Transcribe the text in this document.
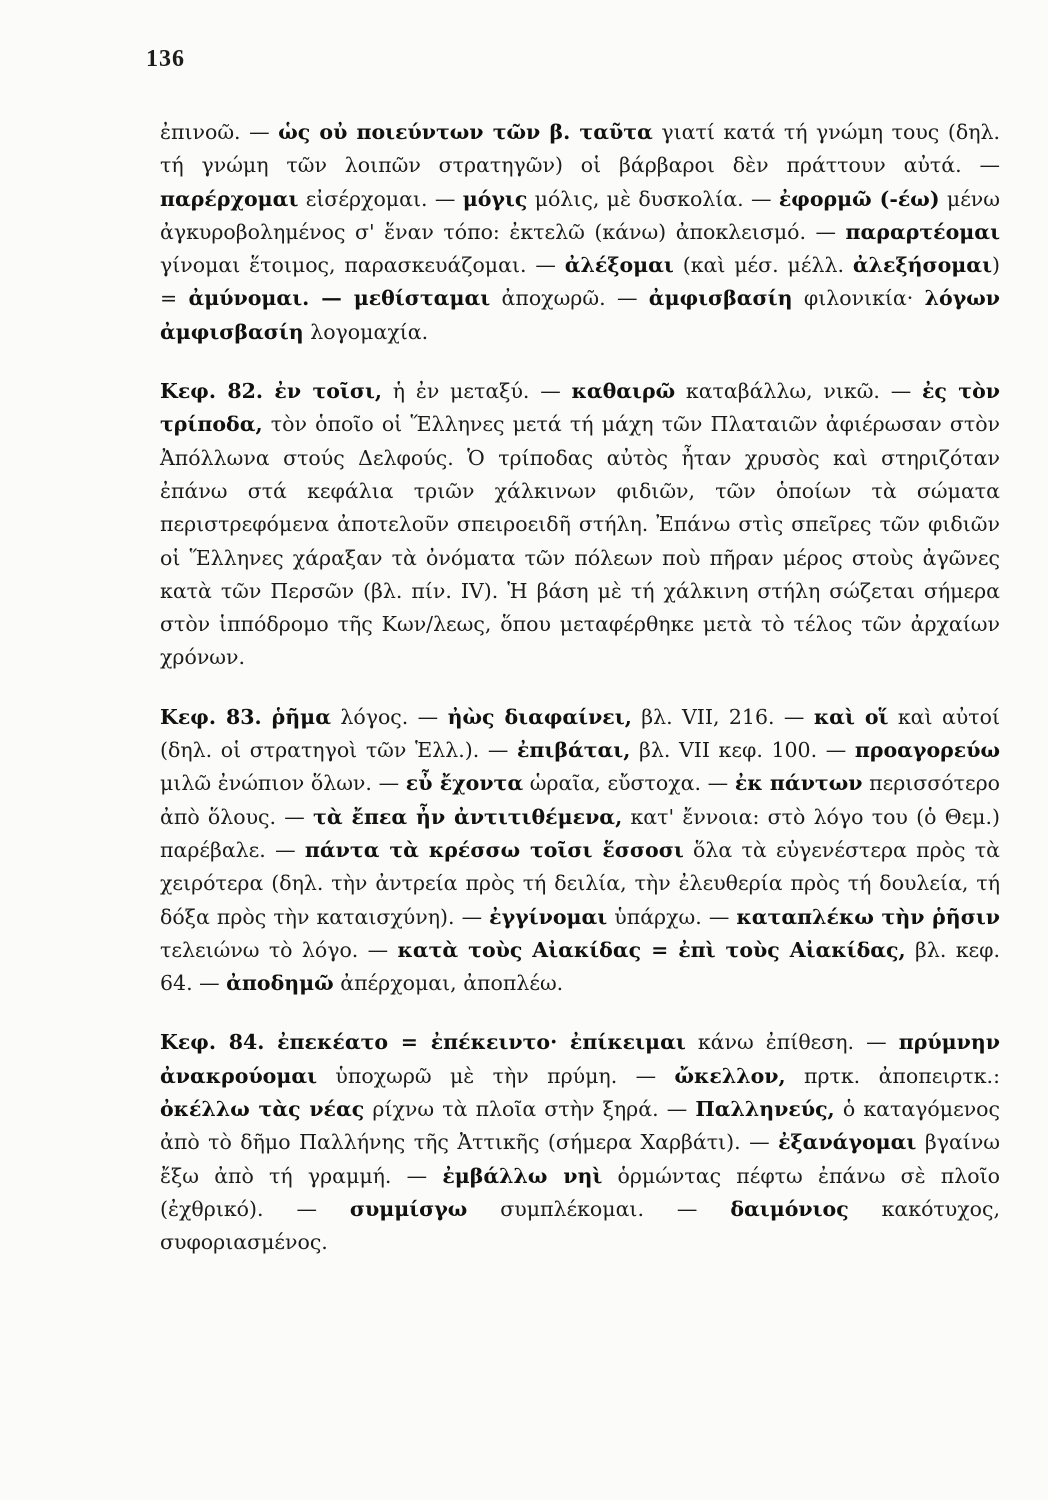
136

ἐπινοῶ. — ὡς οὐ ποιεύντων τῶν β. ταῦτα γιατί κατά τή γνώμη τους (δηλ. τή γνώμη τῶν λοιπῶν στρατηγῶν) οἱ βάρβαροι δὲν πράττουν αὐτά. — παρέρχομαι εἰσέρχομαι. — μόγις μόλις, μὲ δυσκολία. — ἐφορμῶ (-έω) μένω ἀγκυροβολημένος σ' ἕναν τόπο: ἐκτελῶ (κάνω) ἀποκλεισμό. — παραρτέομαι γίνομαι ἕτοιμος, παρασκευάζομαι. — ἀλέξομαι (καὶ μέσ. μέλλ. ἀλεξήσομαι) = ἀμύνομαι. — μεθίσταμαι ἀποχωρῶ. — ἀμφισβασίη φιλονικία· λόγων ἀμφισβασίη λογομαχία.

Κεφ. 82. ἐν τοῖσι, ἡ ἐν μεταξύ. — καθαιρῶ καταβάλλω, νικῶ. — ἐς τὸν τρίποδα, τὸν ὁποῖο οἱ Ἕλληνες μετά τή μάχη τῶν Πλαταιῶν ἀφιέρωσαν στὸν Ἀπόλλωνα στούς Δελφούς. Ὁ τρίποδας αὐτὸς ἦταν χρυσὸς καὶ στηριζόταν ἐπάνω στά κεφάλια τριῶν χάλκινων φιδιῶν, τῶν ὁποίων τὰ σώματα περιστρεφόμενα ἀποτελοῦν σπειροειδῆ στήλη. Ἐπάνω στὶς σπεῖρες τῶν φιδιῶν οἱ Ἕλληνες χάραξαν τὰ ὀνόματα τῶν πόλεων ποὺ πῆραν μέρος στοὺς ἀγῶνες κατὰ τῶν Περσῶν (βλ. πίν. IV). Ἡ βάση μὲ τή χάλκινη στήλη σώζεται σήμερα στὸν ἱππόδρομο τῆς Κων/λεως, ὅπου μεταφέρθηκε μετὰ τὸ τέλος τῶν ἀρχαίων χρόνων.

Κεφ. 83. ῥῆμα λόγος. — ἠὼς διαφαίνει, βλ. VII, 216. — καὶ οἵ καὶ αὐτοί (δηλ. οἱ στρατηγοὶ τῶν Ἑλλ.). — ἐπιβάται, βλ. VII κεφ. 100. — προαγορεύω μιλῶ ἐνώπιον ὅλων. — εὖ ἔχοντα ὡραῖα, εὔστοχα. — ἐκ πάντων περισσότερο ἀπὸ ὅλους. — τὰ ἔπεα ἦν ἀντιτιθέμενα, κατ' ἔννοια: στὸ λόγο του (ὁ Θεμ.) παρέβαλε. — πάντα τὰ κρέσσω τοῖσι ἕσσοσι ὅλα τὰ εὐγενέστερα πρὸς τὰ χειρότερα (δηλ. τὴν ἀντρεία πρὸς τή δειλία, τὴν ἐλευθερία πρὸς τή δουλεία, τή δόξα πρὸς τὴν καταισχύνη). — ἐγγίνομαι ὑπάρχω. — καταπλέκω τὴν ῥῆσιν τελειώνω τὸ λόγο. — κατὰ τοὺς Αἰακίδας = ἐπὶ τοὺς Αἰακίδας, βλ. κεφ. 64. — ἀποδημῶ ἀπέρχομαι, ἀποπλέω.

Κεφ. 84. ἐπεκέατο = ἐπέκειντο· ἐπίκειμαι κάνω ἐπίθεση. — πρύμνην ἀνακρούομαι ὑποχωρῶ μὲ τὴν πρύμη. — ὤκελλον, πρτκ. ἀποπειρτκ.: ὀκέλλω τὰς νέας ρίχνω τὰ πλοῖα στὴν ξηρά. — Παλληνεύς, ὁ καταγόμενος ἀπὸ τὸ δῆμο Παλλήνης τῆς Ἀττικῆς (σήμερα Χαρβάτι). — ἐξανάγομαι βγαίνω ἔξω ἀπὸ τή γραμμή. — ἐμβάλλω νηὶ ὁρμώντας πέφτω ἐπάνω σὲ πλοῖο (ἐχθρικό). — συμμίσγω συμπλέκομαι. — δαιμόνιος κακότυχος, συφοριασμένος.
